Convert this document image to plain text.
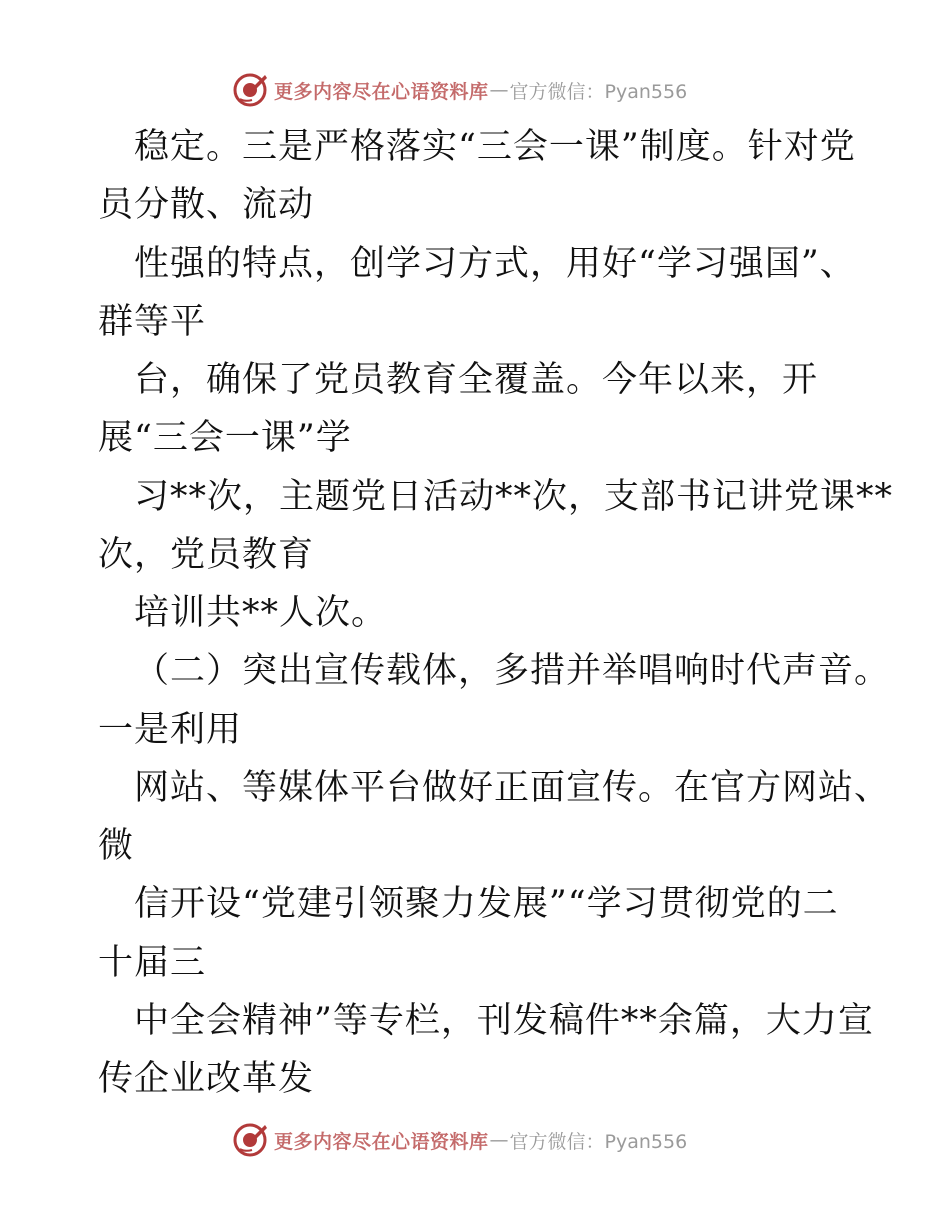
更多内容尽在心语资料库 — 官方微信：Pyan556
稳定。三是严格落实“三会一课”制度。针对党
员分散、流动
性强的特点，创学习方式，用好“学习强国”、
群等平
台，确保了党员教育全覆盖。今年以来，开
展“三会一课”学
习**次，主题党日活动**次，支部书记讲党课**
次，党员教育
培训共**人次。
（二）突出宣传载体，多措并举唱响时代声音。
一是利用
网站、等媒体平台做好正面宣传。在官方网站、
微
信开设“党建引领聚力发展”“学习贯彻党的二
十届三
中全会精神”等专栏，刊发稿件**余篇，大力宣
传企业改革发
更多内容尽在心语资料库 — 官方微信：Pyan556
